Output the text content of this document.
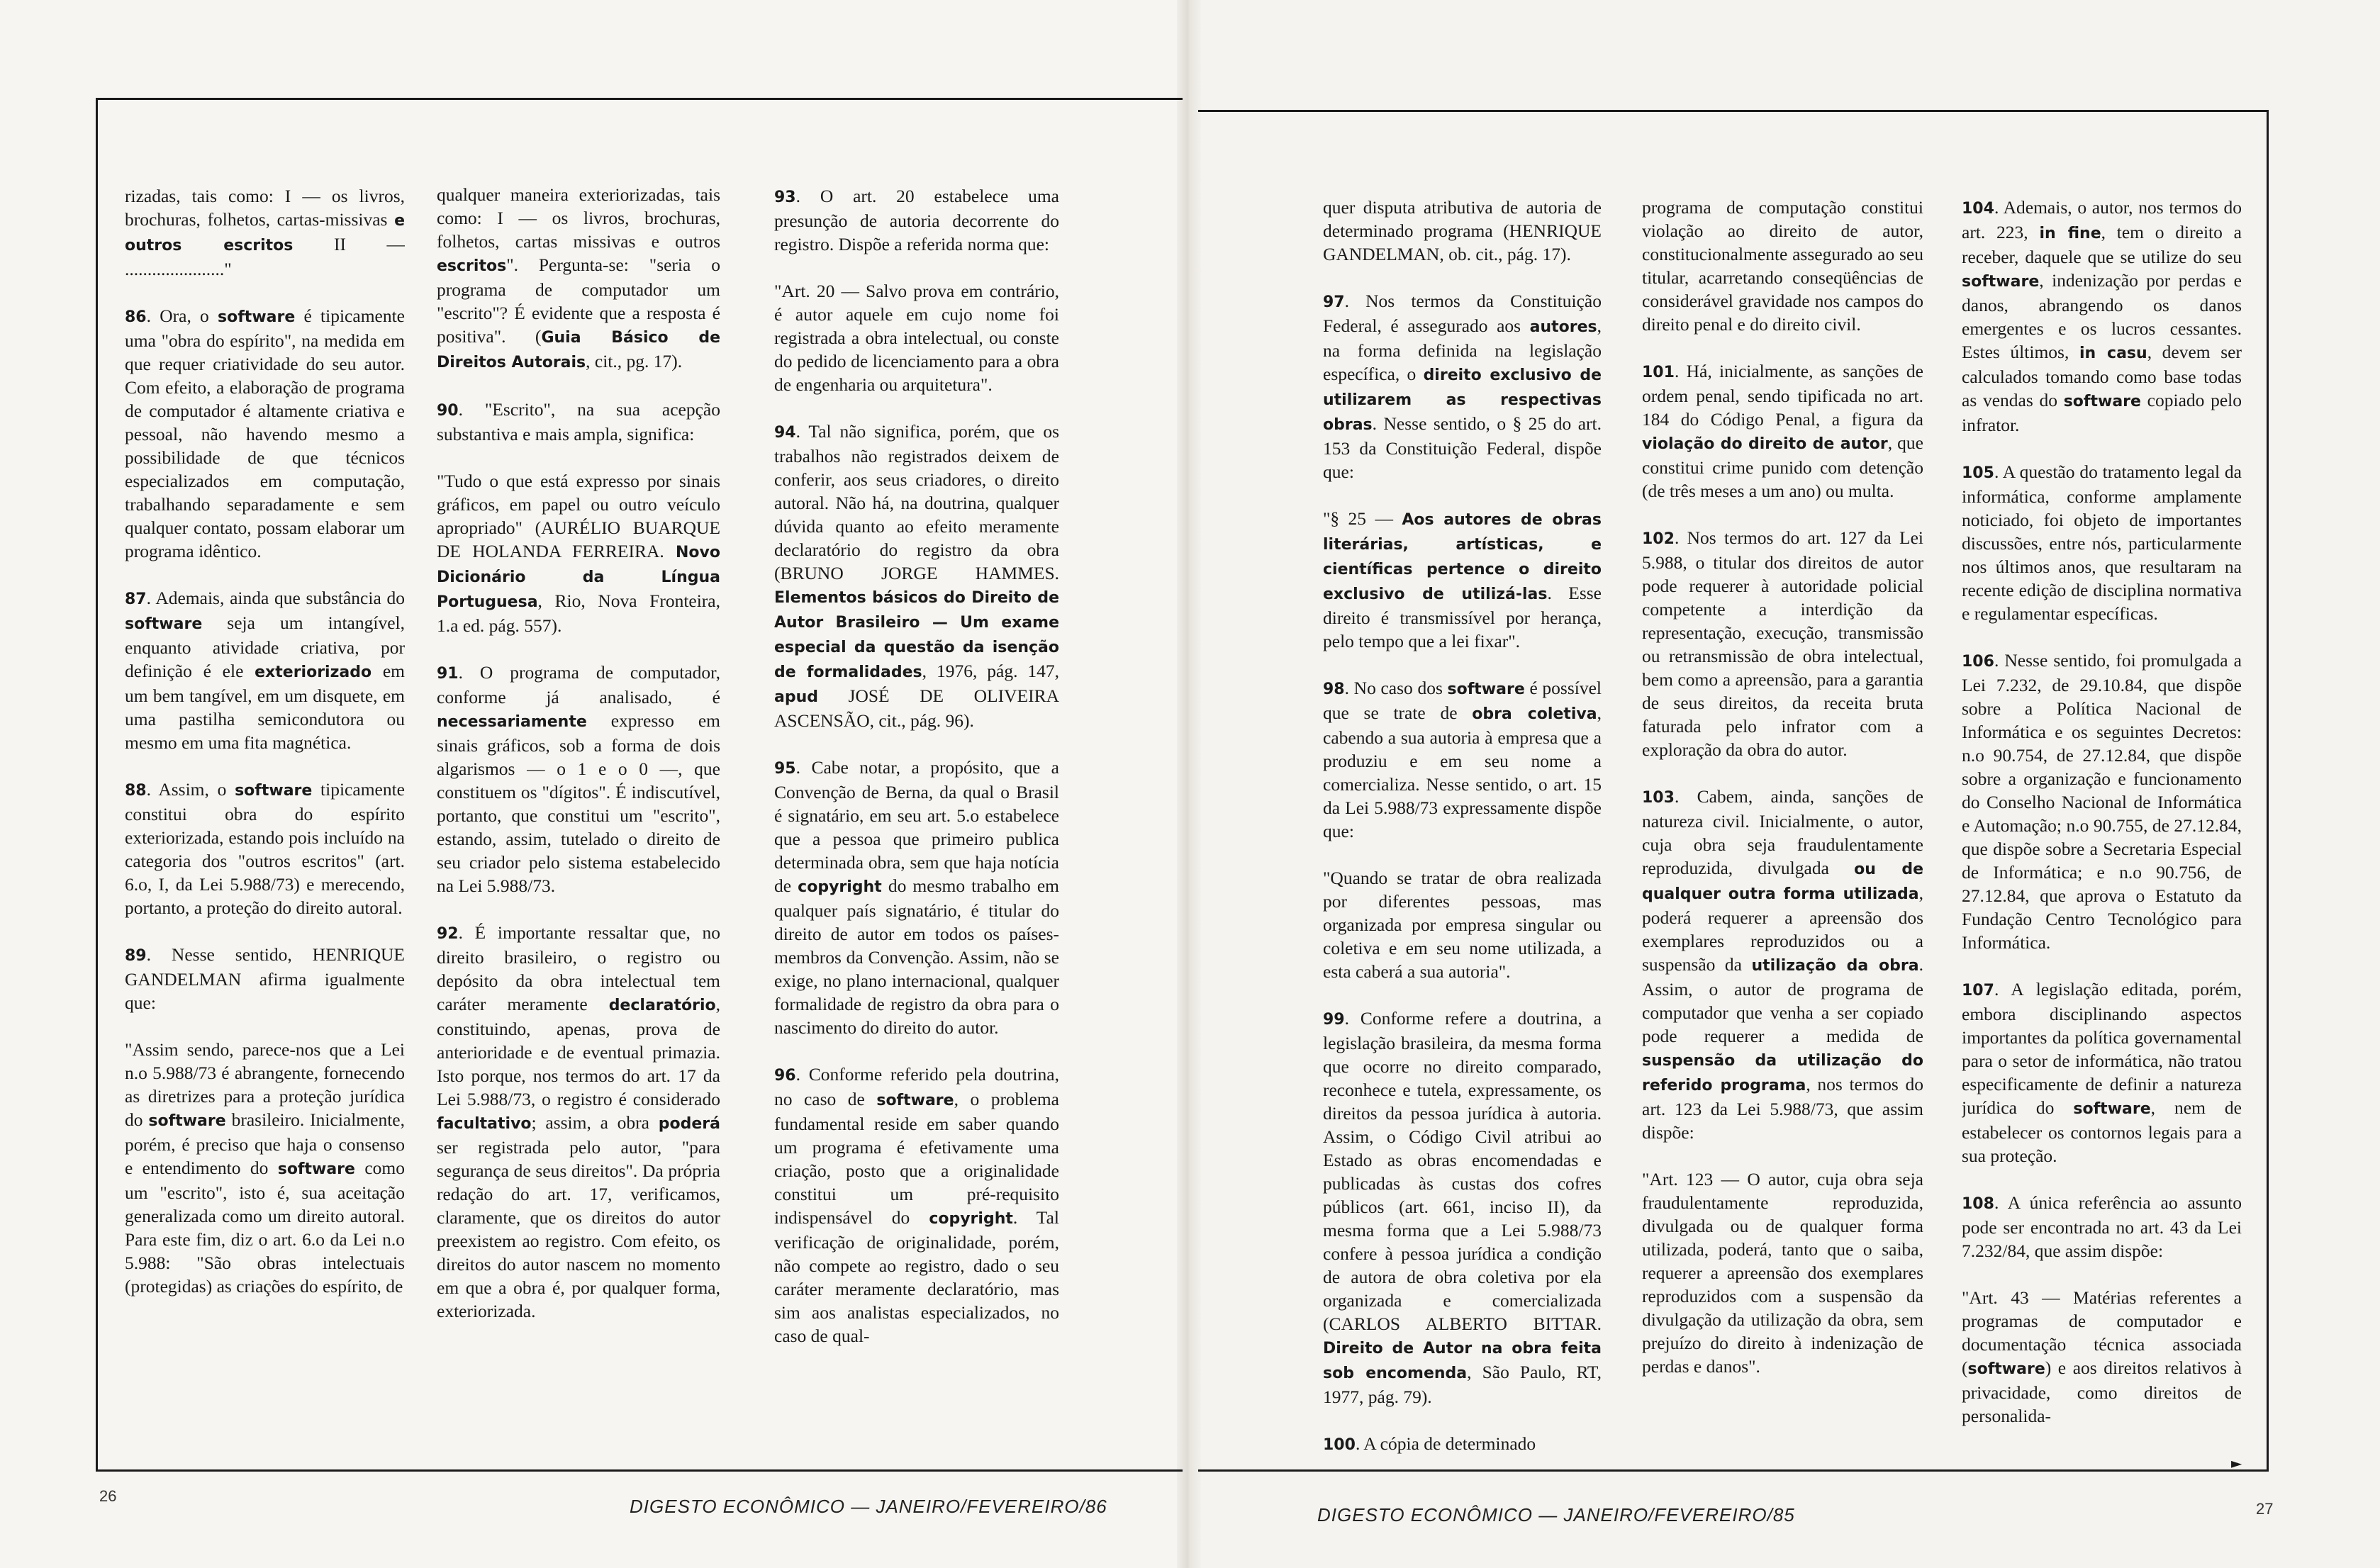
rizadas, tais como: I — os livros, brochuras, folhetos, cartas-missivas e outros escritos II — ......................"

86. Ora, o software é tipicamente uma "obra do espírito", na medida em que requer criatividade do seu autor. Com efeito, a elaboração de programa de computador é altamente criativa e pessoal, não havendo mesmo a possibilidade de que técnicos especializados em computação, trabalhando separadamente e sem qualquer contato, possam elaborar um programa idêntico.

87. Ademais, ainda que substância do software seja um intangível, enquanto atividade criativa, por definição é ele exteriorizado em um bem tangível, em um disquete, em uma pastilha semicondutora ou mesmo em uma fita magnética.

88. Assim, o software tipicamente constitui obra do espírito exteriorizada, estando pois incluído na categoria dos "outros escritos" (art. 6.o, I, da Lei 5.988/73) e merecendo, portanto, a proteção do direito autoral.

89. Nesse sentido, HENRIQUE GANDELMAN afirma igualmente que:

"Assim sendo, parece-nos que a Lei n.o 5.988/73 é abrangente, fornecendo as diretrizes para a proteção jurídica do software brasileiro. Inicialmente, porém, é preciso que haja o consenso e entendimento do software como um "escrito", isto é, sua aceitação generalizada como um direito autoral. Para este fim, diz o art. 6.o da Lei n.o 5.988: "São obras intelectuais (protegidas) as criações do espírito, de

qualquer maneira exteriorizadas, tais como: I — os livros, brochuras, folhetos, cartas missivas e outros escritos". Pergunta-se: "seria o programa de computador um "escrito"? É evidente que a resposta é positiva". (Guia Básico de Direitos Autorais, cit., pg. 17).

90. "Escrito", na sua acepção substantiva e mais ampla, significa:

"Tudo o que está expresso por sinais gráficos, em papel ou outro veículo apropriado" (AURÉLIO BUARQUE DE HOLANDA FERREIRA. Novo Dicionário da Língua Portuguesa, Rio, Nova Fronteira, 1.a ed. pág. 557).

91. O programa de computador, conforme já analisado, é necessariamente expresso em sinais gráficos, sob a forma de dois algarismos — o 1 e o 0 —, que constituem os "dígitos". É indiscutível, portanto, que constitui um "escrito", estando, assim, tutelado o direito de seu criador pelo sistema estabelecido na Lei 5.988/73.

92. É importante ressaltar que, no direito brasileiro, o registro ou depósito da obra intelectual tem caráter meramente declaratório, constituindo, apenas, prova de anterioridade e de eventual primazia. Isto porque, nos termos do art. 17 da Lei 5.988/73, o registro é considerado facultativo; assim, a obra poderá ser registrada pelo autor, "para segurança de seus direitos". Da própria redação do art. 17, verificamos, claramente, que os direitos do autor preexistem ao registro. Com efeito, os direitos do autor nascem no momento em que a obra é, por qualquer forma, exteriorizada.

93. O art. 20 estabelece uma presunção de autoria decorrente do registro. Dispõe a referida norma que:

"Art. 20 — Salvo prova em contrário, é autor aquele em cujo nome foi registrada a obra intelectual, ou conste do pedido de licenciamento para a obra de engenharia ou arquitetura".

94. Tal não significa, porém, que os trabalhos não registrados deixem de conferir, aos seus criadores, o direito autoral. Não há, na doutrina, qualquer dúvida quanto ao efeito meramente declaratório do registro da obra (BRUNO JORGE HAMMES. Elementos básicos do Direito de Autor Brasileiro — Um exame especial da questão da isenção de formalidades, 1976, pág. 147, apud JOSÉ DE OLIVEIRA ASCENSÃO, cit., pág. 96).

95. Cabe notar, a propósito, que a Convenção de Berna, da qual o Brasil é signatário, em seu art. 5.o estabelece que a pessoa que primeiro publica determinada obra, sem que haja notícia de copyright do mesmo trabalho em qualquer país signatário, é titular do direito de autor em todos os países-membros da Convenção. Assim, não se exige, no plano internacional, qualquer formalidade de registro da obra para o nascimento do direito do autor.

96. Conforme referido pela doutrina, no caso de software, o problema fundamental reside em saber quando um programa é efetivamente uma criação, posto que a originalidade constitui um pré-requisito indispensável do copyright. Tal verificação de originalidade, porém, não compete ao registro, dado o seu caráter meramente declaratório, mas sim aos analistas especializados, no caso de qual-

quer disputa atributiva de autoria de determinado programa (HENRIQUE GANDELMAN, ob. cit., pág. 17).

97. Nos termos da Constituição Federal, é assegurado aos autores, na forma definida na legislação específica, o direito exclusivo de utilizarem as respectivas obras. Nesse sentido, o § 25 do art. 153 da Constituição Federal, dispõe que:

"§ 25 — Aos autores de obras literárias, artísticas, e científicas pertence o direito exclusivo de utilizá-las. Esse direito é transmissível por herança, pelo tempo que a lei fixar".

98. No caso dos software é possível que se trate de obra coletiva, cabendo a sua autoria à empresa que a produziu e em seu nome a comercializa. Nesse sentido, o art. 15 da Lei 5.988/73 expressamente dispõe que:

"Quando se tratar de obra realizada por diferentes pessoas, mas organizada por empresa singular ou coletiva e em seu nome utilizada, a esta caberá a sua autoria".

99. Conforme refere a doutrina, a legislação brasileira, da mesma forma que ocorre no direito comparado, reconhece e tutela, expressamente, os direitos da pessoa jurídica à autoria. Assim, o Código Civil atribui ao Estado as obras encomendadas e publicadas às custas dos cofres públicos (art. 661, inciso II), da mesma forma que a Lei 5.988/73 confere à pessoa jurídica a condição de autora de obra coletiva por ela organizada e comercializada (CARLOS ALBERTO BITTAR. Direito de Autor na obra feita sob encomenda, São Paulo, RT, 1977, pág. 79).

100. A cópia de determinado

programa de computação constitui violação ao direito de autor, constitucionalmente assegurado ao seu titular, acarretando conseqüências de considerável gravidade nos campos do direito penal e do direito civil.

101. Há, inicialmente, as sanções de ordem penal, sendo tipificada no art. 184 do Código Penal, a figura da violação do direito de autor, que constitui crime punido com detenção (de três meses a um ano) ou multa.

102. Nos termos do art. 127 da Lei 5.988, o titular dos direitos de autor pode requerer à autoridade policial competente a interdição da representação, execução, transmissão ou retransmissão de obra intelectual, bem como a apreensão, para a garantia de seus direitos, da receita bruta faturada pelo infrator com a exploração da obra do autor.

103. Cabem, ainda, sanções de natureza civil. Inicialmente, o autor, cuja obra seja fraudulentamente reproduzida, divulgada ou de qualquer outra forma utilizada, poderá requerer a apreensão dos exemplares reproduzidos ou a suspensão da utilização da obra. Assim, o autor de programa de computador que venha a ser copiado pode requerer a medida de suspensão da utilização do referido programa, nos termos do art. 123 da Lei 5.988/73, que assim dispõe:

"Art. 123 — O autor, cuja obra seja fraudulentamente reproduzida, divulgada ou de qualquer forma utilizada, poderá, tanto que o saiba, requerer a apreensão dos exemplares reproduzidos com a suspensão da divulgação da utilização da obra, sem prejuízo do direito à indenização de perdas e danos".

104. Ademais, o autor, nos termos do art. 223, in fine, tem o direito a receber, daquele que se utilize do seu software, indenização por perdas e danos, abrangendo os danos emergentes e os lucros cessantes. Estes últimos, in casu, devem ser calculados tomando como base todas as vendas do software copiado pelo infrator.

105. A questão do tratamento legal da informática, conforme amplamente noticiado, foi objeto de importantes discussões, entre nós, particularmente nos últimos anos, que resultaram na recente edição de disciplina normativa e regulamentar específicas.

106. Nesse sentido, foi promulgada a Lei 7.232, de 29.10.84, que dispõe sobre a Política Nacional de Informática e os seguintes Decretos: n.o 90.754, de 27.12.84, que dispõe sobre a organização e funcionamento do Conselho Nacional de Informática e Automação; n.o 90.755, de 27.12.84, que dispõe sobre a Secretaria Especial de Informática; e n.o 90.756, de 27.12.84, que aprova o Estatuto da Fundação Centro Tecnológico para Informática.

107. A legislação editada, porém, embora disciplinando aspectos importantes da política governamental para o setor de informática, não tratou especificamente de definir a natureza jurídica do software, nem de estabelecer os contornos legais para a sua proteção.

108. A única referência ao assunto pode ser encontrada no art. 43 da Lei 7.232/84, que assim dispõe:

"Art. 43 — Matérias referentes a programas de computador e documentação técnica associada (software) e aos direitos relativos à privacidade, como direitos de personalida-

►
26	DIGESTO ECONÔMICO — JANEIRO/FEVEREIRO/86	DIGESTO ECONÔMICO — JANEIRO/FEVEREIRO/85	27
